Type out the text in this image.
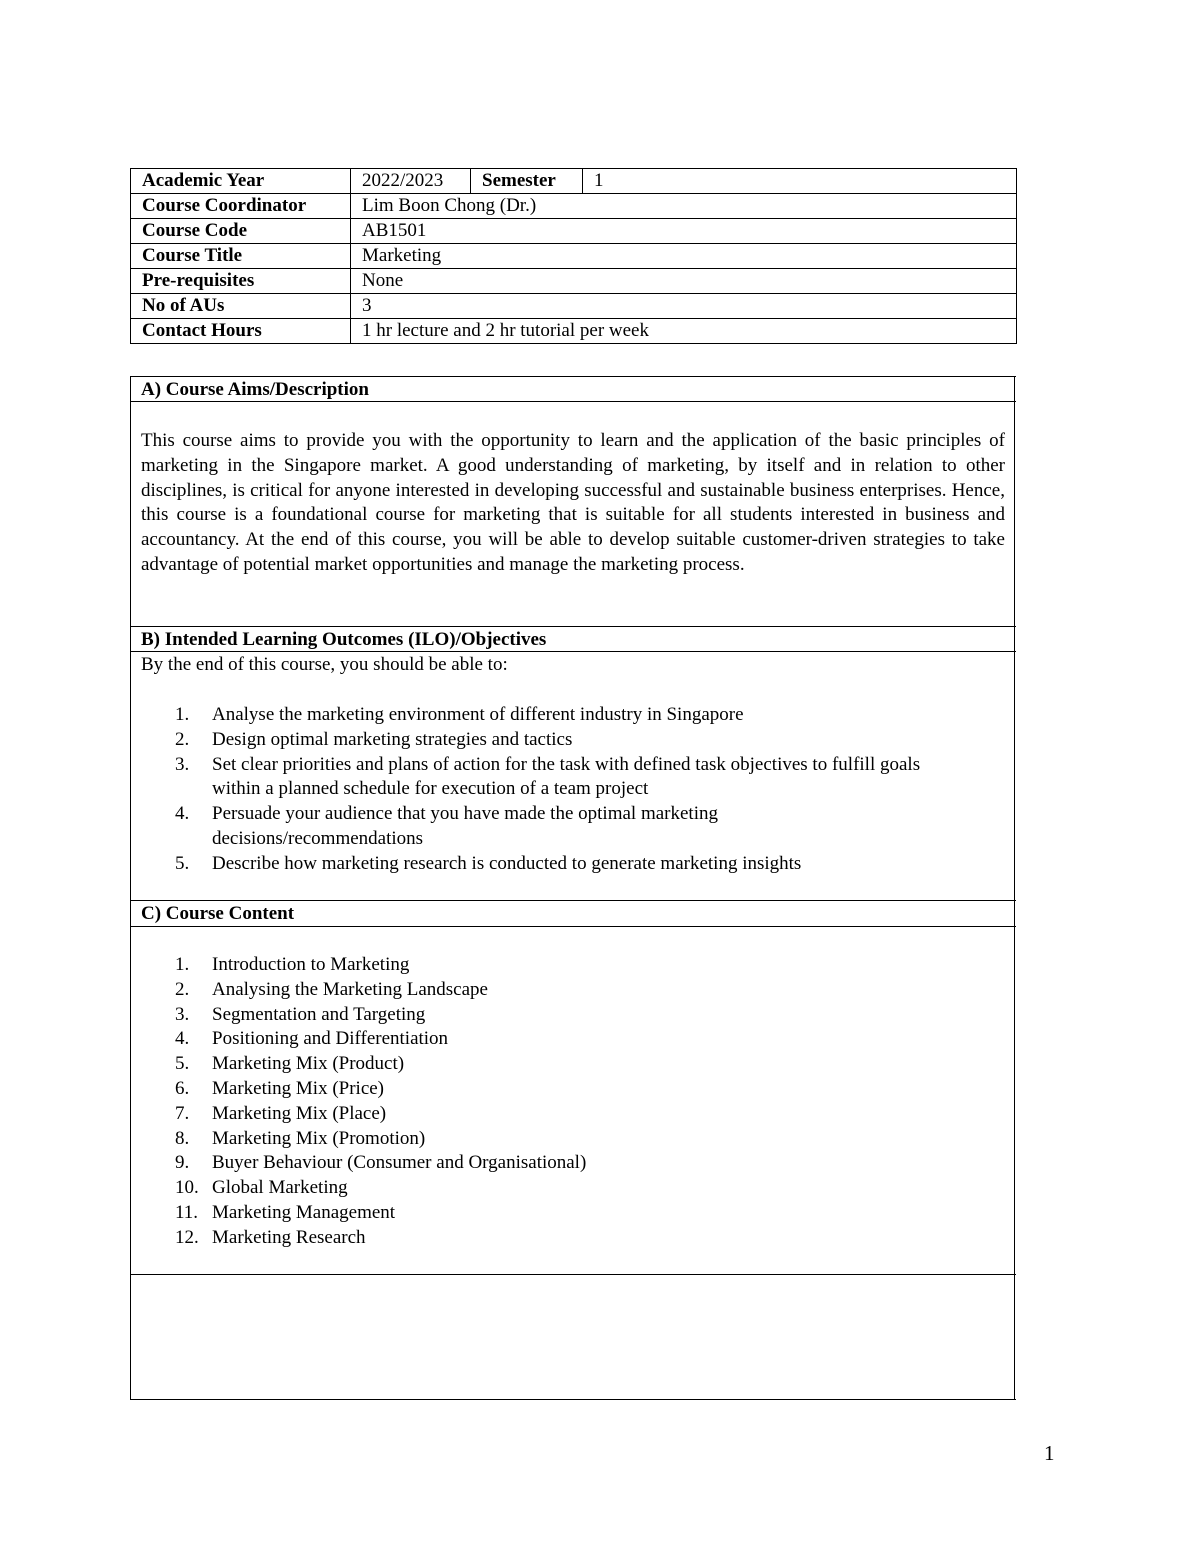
Academic Year	2022/2023	Semester	1
Course Coordinator	Lim Boon Chong (Dr.)		
Course Code	AB1501		
Course Title	Marketing		
Pre-requisites	None		
No of AUs	3		
Contact Hours	1 hr lecture and 2 hr tutorial per week		
A) Course Aims/Description

This course aims to provide you with the opportunity to learn and the application of the basic principles of marketing in the Singapore market. A good understanding of marketing, by itself and in relation to other disciplines, is critical for anyone interested in developing successful and sustainable business enterprises. Hence, this course is a foundational course for marketing that is suitable for all students interested in business and accountancy. At the end of this course, you will be able to develop suitable customer-driven strategies to take advantage of potential market opportunities and manage the marketing process.

B) Intended Learning Outcomes (ILO)/Objectives
By the end of this course, you should be able to:
1. Analyse the marketing environment of different industry in Singapore
2. Design optimal marketing strategies and tactics
3. Set clear priorities and plans of action for the task with defined task objectives to fulfill goals within a planned schedule for execution of a team project
4. Persuade your audience that you have made the optimal marketing decisions/recommendations
5. Describe how marketing research is conducted to generate marketing insights
C) Course Content
1. Introduction to Marketing
2. Analysing the Marketing Landscape
3. Segmentation and Targeting
4. Positioning and Differentiation
5. Marketing Mix (Product)
6. Marketing Mix (Price)
7. Marketing Mix (Place)
8. Marketing Mix (Promotion)
9. Buyer Behaviour (Consumer and Organisational)
10. Global Marketing
11. Marketing Management
12. Marketing Research
1
